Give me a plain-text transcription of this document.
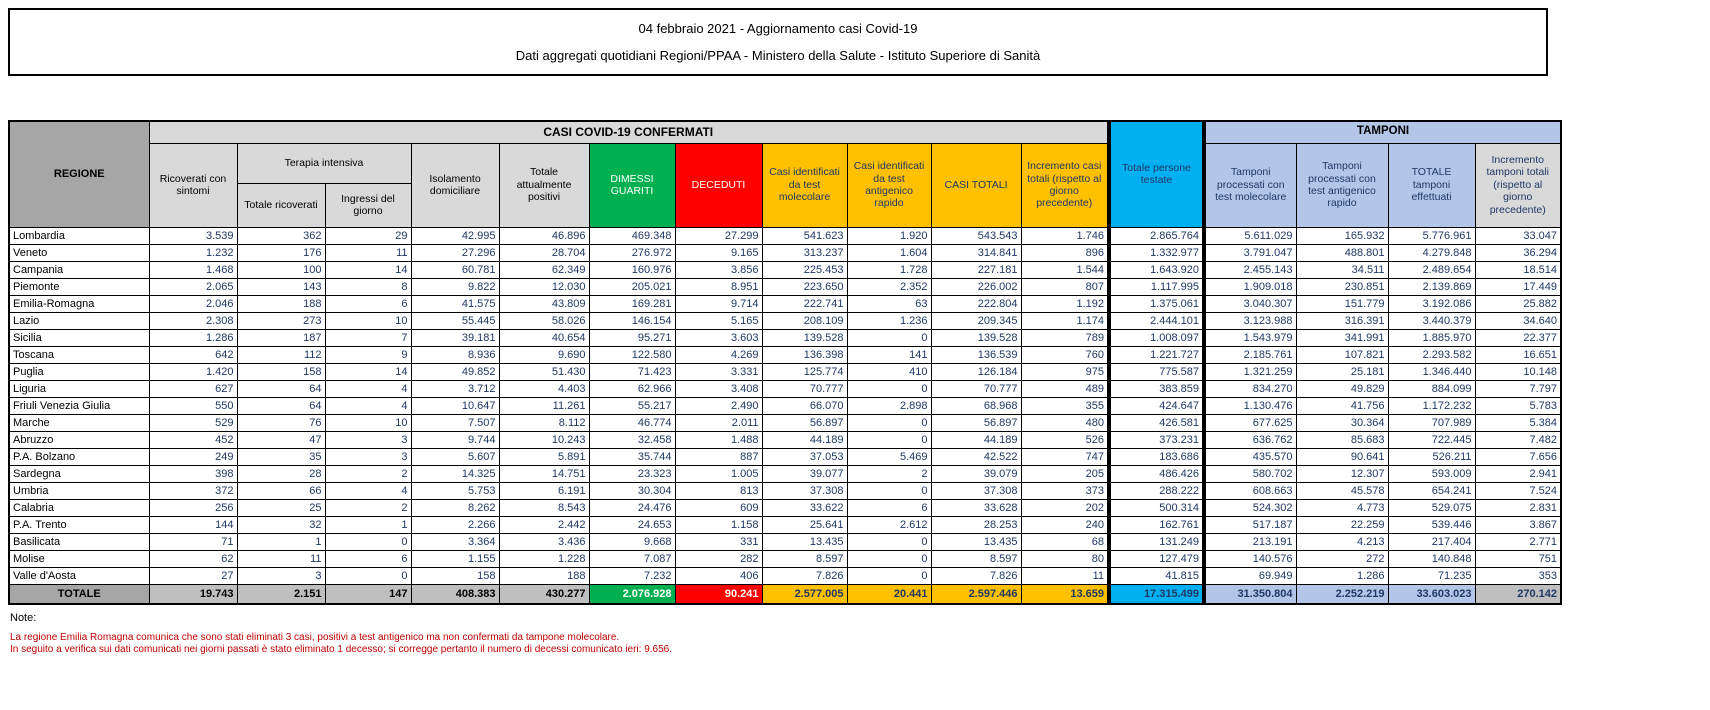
04 febbraio 2021 - Aggiornamento casi Covid-19
Dati aggregati quotidiani Regioni/PPAA - Ministero della Salute - Istituto Superiore di Sanità
REGIONE	CASI COVID-19 CONFERMATI											Totale persone testate	TAMPONI			
	Ricoverati con sintomi	Terapia intensiva		Isolamento domiciliare	Totale attualmente positivi	DIMESSI GUARITI	DECEDUTI	Casi identificati da test molecolare	Casi identificati da test antigenico rapido	CASI TOTALI	Incremento casi totali (rispetto al giorno precedente)		Tamponi processati con test molecolare	Tamponi processati con test antigenico rapido	TOTALE tamponi effettuati	Incremento tamponi totali (rispetto al giorno precedente)
		Totale ricoverati	Ingressi del giorno													
Lombardia	3.539	362	29	42.995	46.896	469.348	27.299	541.623	1.920	543.543	1.746	2.865.764	5.611.029	165.932	5.776.961	33.047
Veneto	1.232	176	11	27.296	28.704	276.972	9.165	313.237	1.604	314.841	896	1.332.977	3.791.047	488.801	4.279.848	36.294
Campania	1.468	100	14	60.781	62.349	160.976	3.856	225.453	1.728	227.181	1.544	1.643.920	2.455.143	34.511	2.489.654	18.514
Piemonte	2.065	143	8	9.822	12.030	205.021	8.951	223.650	2.352	226.002	807	1.117.995	1.909.018	230.851	2.139.869	17.449
Emilia-Romagna	2.046	188	6	41.575	43.809	169.281	9.714	222.741	63	222.804	1.192	1.375.061	3.040.307	151.779	3.192.086	25.882
Lazio	2.308	273	10	55.445	58.026	146.154	5.165	208.109	1.236	209.345	1.174	2.444.101	3.123.988	316.391	3.440.379	34.640
Sicilia	1.286	187	7	39.181	40.654	95.271	3.603	139.528	0	139.528	789	1.008.097	1.543.979	341.991	1.885.970	22.377
Toscana	642	112	9	8.936	9.690	122.580	4.269	136.398	141	136.539	760	1.221.727	2.185.761	107.821	2.293.582	16.651
Puglia	1.420	158	14	49.852	51.430	71.423	3.331	125.774	410	126.184	975	775.587	1.321.259	25.181	1.346.440	10.148
Liguria	627	64	4	3.712	4.403	62.966	3.408	70.777	0	70.777	489	383.859	834.270	49.829	884.099	7.797
Friuli Venezia Giulia	550	64	4	10.647	11.261	55.217	2.490	66.070	2.898	68.968	355	424.647	1.130.476	41.756	1.172.232	5.783
Marche	529	76	10	7.507	8.112	46.774	2.011	56.897	0	56.897	480	426.581	677.625	30.364	707.989	5.384
Abruzzo	452	47	3	9.744	10.243	32.458	1.488	44.189	0	44.189	526	373.231	636.762	85.683	722.445	7.482
P.A. Bolzano	249	35	3	5.607	5.891	35.744	887	37.053	5.469	42.522	747	183.686	435.570	90.641	526.211	7.656
Sardegna	398	28	2	14.325	14.751	23.323	1.005	39.077	2	39.079	205	486.426	580.702	12.307	593.009	2.941
Umbria	372	66	4	5.753	6.191	30.304	813	37.308	0	37.308	373	288.222	608.663	45.578	654.241	7.524
Calabria	256	25	2	8.262	8.543	24.476	609	33.622	6	33.628	202	500.314	524.302	4.773	529.075	2.831
P.A. Trento	144	32	1	2.266	2.442	24.653	1.158	25.641	2.612	28.253	240	162.761	517.187	22.259	539.446	3.867
Basilicata	71	1	0	3.364	3.436	9.668	331	13.435	0	13.435	68	131.249	213.191	4.213	217.404	2.771
Molise	62	11	6	1.155	1.228	7.087	282	8.597	0	8.597	80	127.479	140.576	272	140.848	751
Valle d'Aosta	27	3	0	158	188	7.232	406	7.826	0	7.826	11	41.815	69.949	1.286	71.235	353
TOTALE	19.743	2.151	147	408.383	430.277	2.076.928	90.241	2.577.005	20.441	2.597.446	13.659	17.315.499	31.350.804	2.252.219	33.603.023	270.142
Note:
La regione Emilia Romagna comunica che sono stati eliminati 3 casi, positivi a test antigenico ma non confermati da tampone molecolare.
In seguito a verifica sui dati comunicati nei giorni passati è stato eliminato 1 decesso; si corregge pertanto il numero di decessi comunicato ieri: 9.656.
